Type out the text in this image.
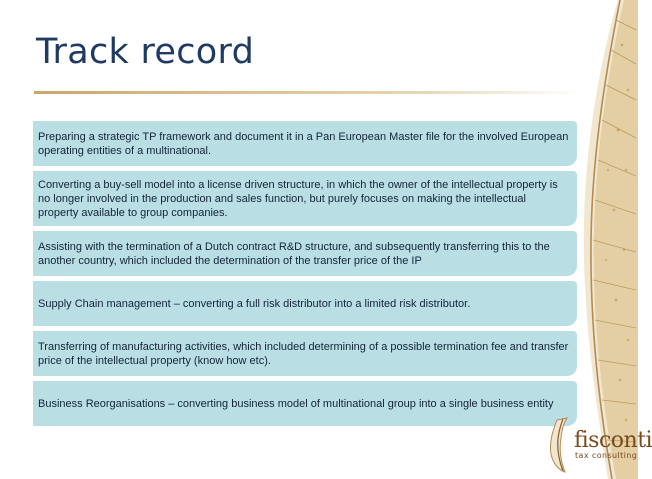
Track record
Preparing a strategic TP framework and document it in a Pan European Master file for the involved European operating entities of a multinational.
Converting a buy-sell model into a license driven structure, in which the owner of the intellectual property is no longer involved in the production and sales function, but purely focuses on making the intellectual property available to group companies.
Assisting with the termination of a Dutch contract R&D structure, and subsequently transferring this to the another country, which included the determination of the transfer price of the IP
Supply Chain management – converting a full risk distributor into a limited risk distributor.
Transferring of manufacturing activities, which included determining of a possible termination fee and transfer price of the intellectual property (know how etc).
Business Reorganisations – converting business model of multinational group into a single business entity
fisconti
tax consulting
